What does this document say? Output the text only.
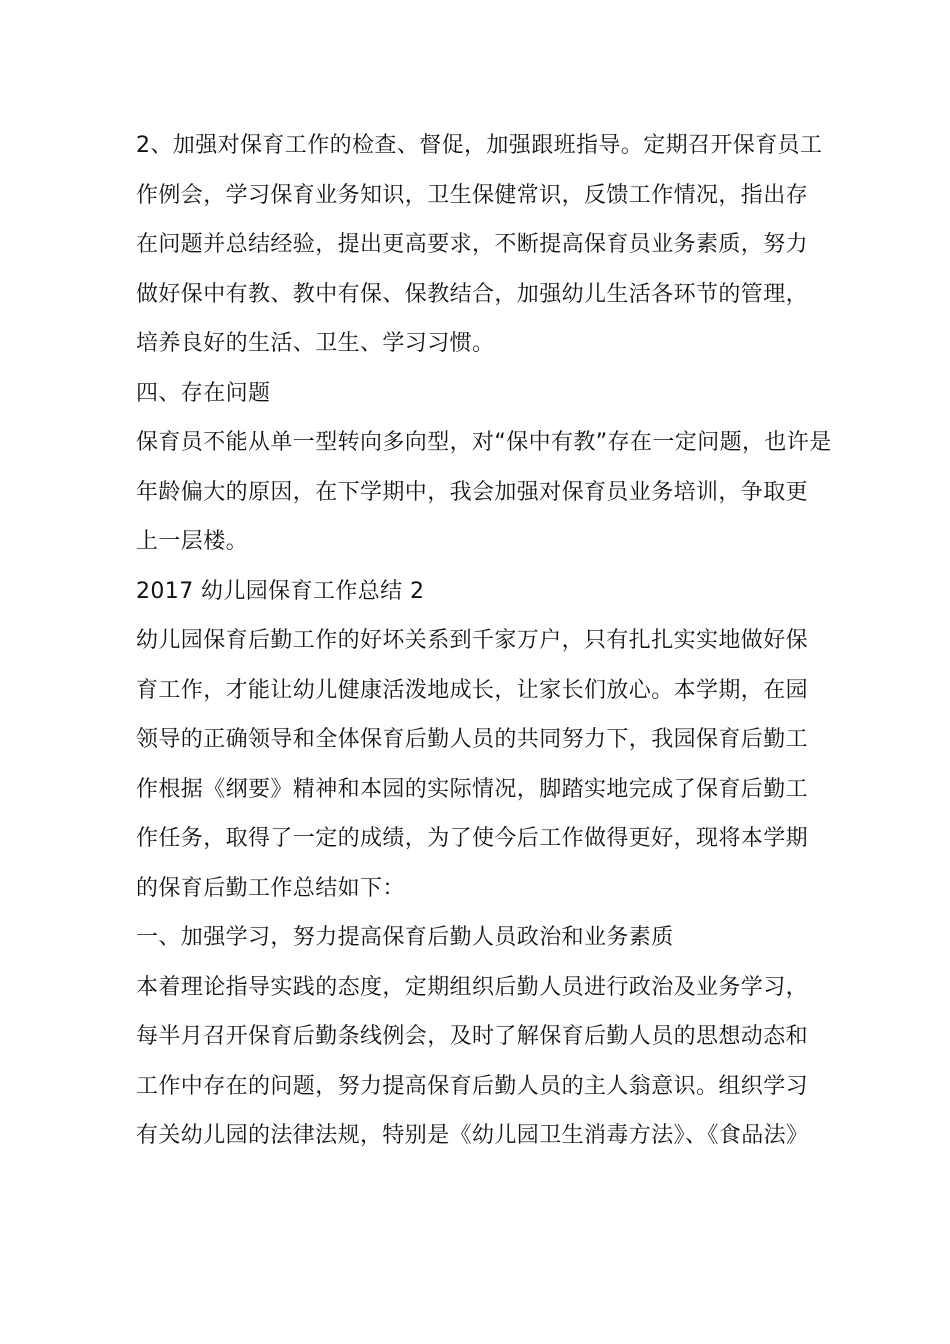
2、加强对保育工作的检查、督促，加强跟班指导。定期召开保育员工
作例会，学习保育业务知识，卫生保健常识，反馈工作情况，指出存
在问题并总结经验，提出更高要求，不断提高保育员业务素质，努力
做好保中有教、教中有保、保教结合，加强幼儿生活各环节的管理，
培养良好的生活、卫生、学习习惯。

四、存在问题

保育员不能从单一型转向多向型，对“保中有教”存在一定问题，也许是
年龄偏大的原因，在下学期中，我会加强对保育员业务培训，争取更
上一层楼。

2017 幼儿园保育工作总结 2

幼儿园保育后勤工作的好坏关系到千家万户，只有扎扎实实地做好保
育工作，才能让幼儿健康活泼地成长，让家长们放心。本学期，在园
领导的正确领导和全体保育后勤人员的共同努力下，我园保育后勤工
作根据《纲要》精神和本园的实际情况，脚踏实地完成了保育后勤工
作任务，取得了一定的成绩，为了使今后工作做得更好，现将本学期
的保育后勤工作总结如下：

一、加强学习，努力提高保育后勤人员政治和业务素质

本着理论指导实践的态度，定期组织后勤人员进行政治及业务学习，
每半月召开保育后勤条线例会，及时了解保育后勤人员的思想动态和
工作中存在的问题，努力提高保育后勤人员的主人翁意识。组织学习
有关幼儿园的法律法规，特别是《幼儿园卫生消毒方法》、《食品法》
